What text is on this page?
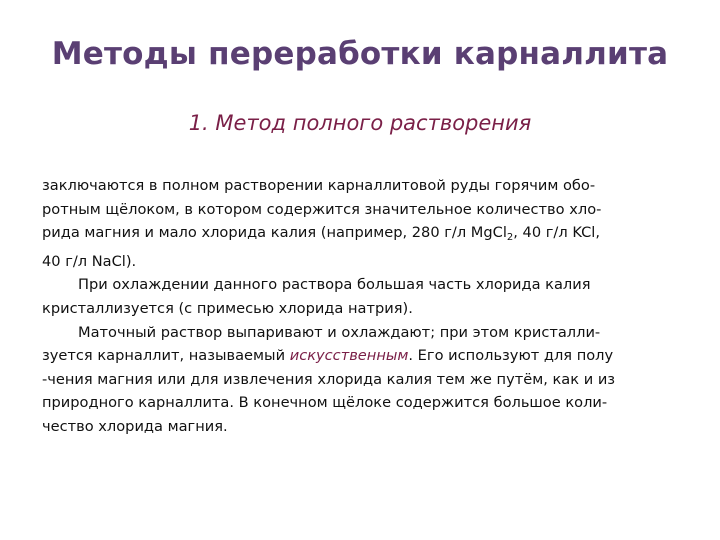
Методы переработки карналлита
1. Метод полного растворения
заключаются в полном растворении карналлитовой руды горячим обо-
ротным щёлоком, в котором содержится значительное количество хло-
рида магния и мало хлорида калия (например, 280 г/л MgCl$_2$, 40 г/л KCl,
40 г/л NaCl).
При охлаждении данного раствора большая часть хлорида калия
кристаллизуется (с примесью хлорида натрия).
Маточный раствор выпаривают и охлаждают; при этом кристалли-
зуется карналлит, называемый искусственным. Его используют для полу
-чения магния или для извлечения хлорида калия тем же путём, как и из
природного карналлита. В конечном щёлоке содержится большое коли-
чество хлорида магния.
